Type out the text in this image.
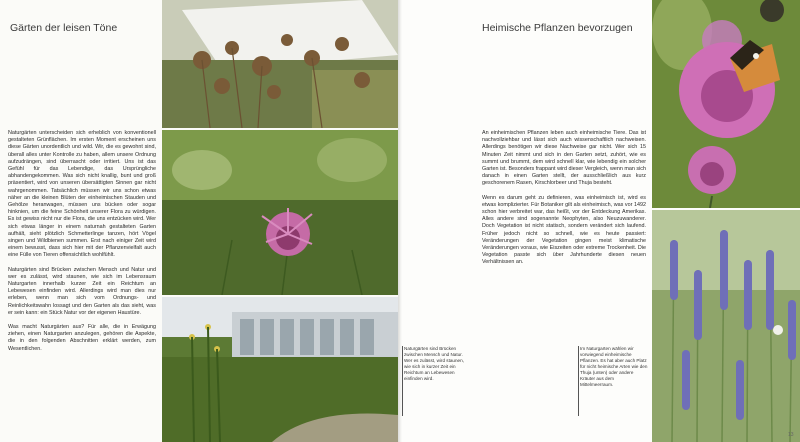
Gärten der leisen Töne

Naturgärten unterscheiden sich erheblich von konventionell gestalteten Grünflächen. Im ersten Moment erscheinen uns diese Gärten unordentlich und wild. Wir, die es gewohnt sind, überall alles unter Kontrolle zu haben, allem unsere Ordnung aufzudrängen, sind überrascht oder irritiert. Uns ist das Gefühl für das Lebendige, das Ursprüngliche abhandengekommen. Was sich nicht knallig, bunt und groß präsentiert, wird von unseren übersättigten Sinnen gar nicht wahrgenommen. Tatsächlich müssen wir uns schon etwas näher an die kleinen Blüten der einheimischen Stauden und Gehölze heranwagen, müssen uns bücken oder sogar hinknien, um die feine Schönheit unserer Flora zu würdigen. Es ist gewiss nicht nur die Flora, die uns entzücken wird. Wer sich etwas länger in einem naturnah gestalteten Garten aufhält, sieht plötzlich Schmetterlinge tanzen, hört Vögel singen und Wildbienen summen. Erst nach einiger Zeit wird einem bewusst, dass sich hier mit der Pflanzenvielfalt auch eine Fülle von Tieren offensichtlich wohlfühlt.

Naturgärten sind Brücken zwischen Mensch und Natur und wer es zulässt, wird staunen, wie sich im Lebensraum Naturgarten innerhalb kurzer Zeit ein Reichtum an Lebewesen einfinden wird. Allerdings wird man dies nur erleben, wenn man sich vom Ordnungs- und Reinlichkeitswahn lossagt und den Garten als das sieht, was er sein kann: ein Stück Natur vor der eigenen Haustüre.

Was macht Naturgärten aus? Für alle, die in Erwägung ziehen, einen Naturgarten anzulegen, gehören die Aspekte, die in den folgenden Abschnitten erklärt werden, zum Wesentlichen.	Naturgärten sind Brücken zwischen Mensch und Natur. Wer es zulässt, wird staunen, wie sich in kurzer Zeit ein Reichtum an Lebewesen einfinden wird.
Heimische Pflanzen bevorzugen

An einheimischen Pflanzen leben auch einheimische Tiere. Das ist nachvollziehbar und lässt sich auch wissenschaftlich nachweisen. Allerdings benötigen wir diese Nachweise gar nicht. Wer sich 15 Minuten Zeit nimmt und sich in den Garten setzt, zuhört, wie es summt und brummt, dem wird schnell klar, wie lebendig ein solcher Garten ist. Besonders frappant wird dieser Vergleich, wenn man sich danach in einen Garten stellt, der ausschließlich aus kurz geschorenem Rasen, Kirschlorbeer und Thuja besteht.

Wenn es darum geht zu definieren, was einheimisch ist, wird es etwas komplizierter. Für Botaniker gilt als einheimisch, was vor 1492 schon hier verbreitet war, das heißt, vor der Entdeckung Amerikas. Alles andere sind sogenannte Neophyten, also Neuzuwanderer. Doch Vegetation ist nicht statisch, sondern verändert sich laufend. Früher jedoch nicht so schnell, wie es heute passiert: Veränderungen der Vegetation gingen meist klimatische Veränderungen voraus, wie Eiszeiten oder extreme Trockenheit. Die Vegetation passte sich über Jahrhunderte diesen neuen Verhältnissen an.

Im Naturgarten wählen wir vorwiegend einheimische Pflanzen. Es hat aber auch Platz für nicht heimische Arten wie den Thuja (unten) oder andere Kräuter aus dem Mittelmeerraum.
13
